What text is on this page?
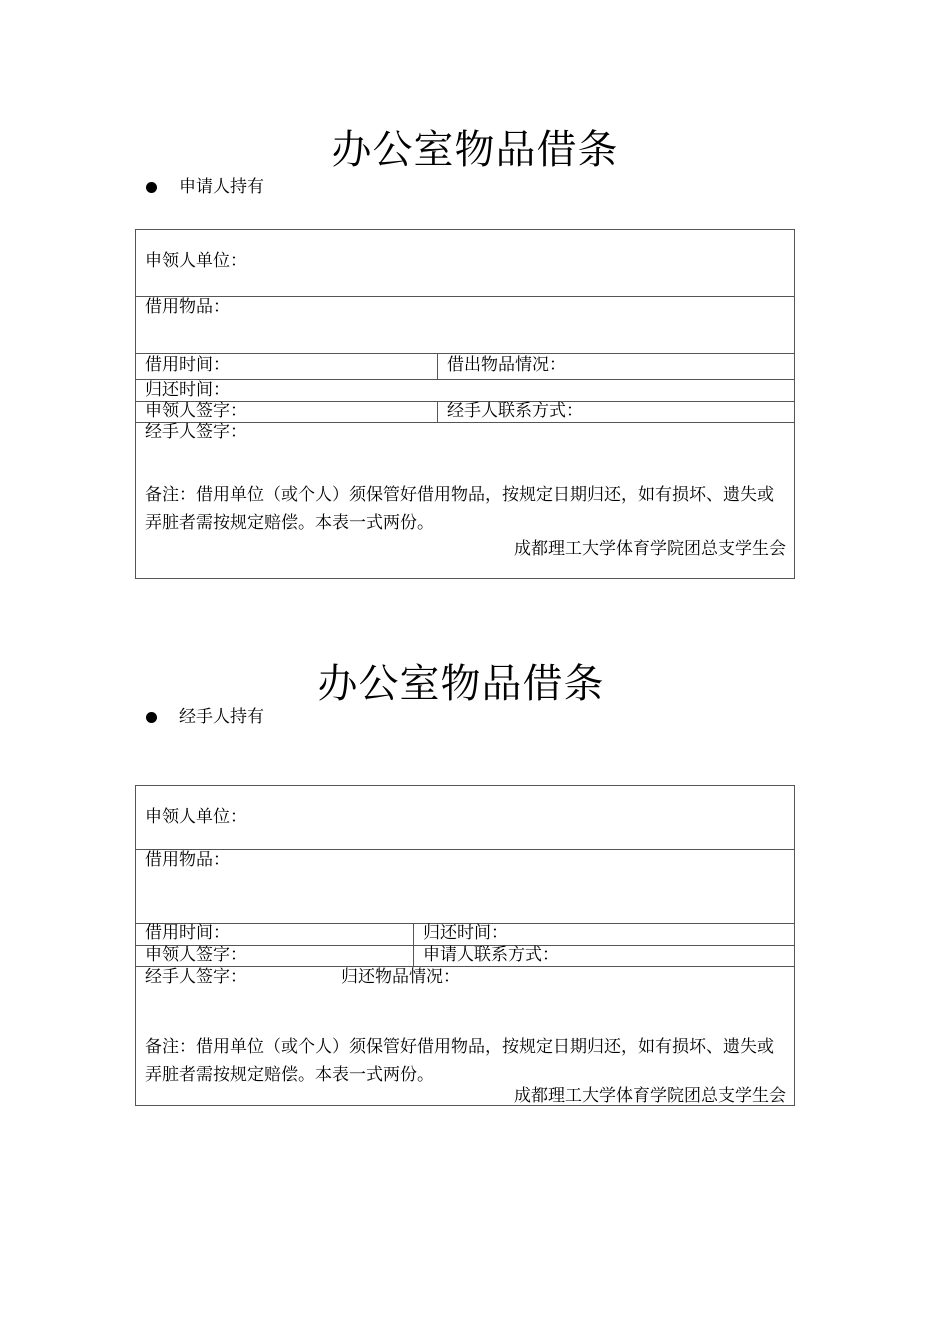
办公室物品借条
申请人持有
申领人单位：
借用物品：
借用时间：	借出物品情况：
归还时间：
申领人签字：	经手人联系方式：
经手人签字：
备注：借用单位（或个人）须保管好借用物品，按规定日期归还，如有损坏、遗失或弄脏者需按规定赔偿。本表一式两份。
成都理工大学体育学院团总支学生会
办公室物品借条
经手人持有
申领人单位：
借用物品：
借用时间：	归还时间：
申领人签字：	申请人联系方式：
经手人签字：	归还物品情况：
备注：借用单位（或个人）须保管好借用物品，按规定日期归还，如有损坏、遗失或弄脏者需按规定赔偿。本表一式两份。
成都理工大学体育学院团总支学生会
